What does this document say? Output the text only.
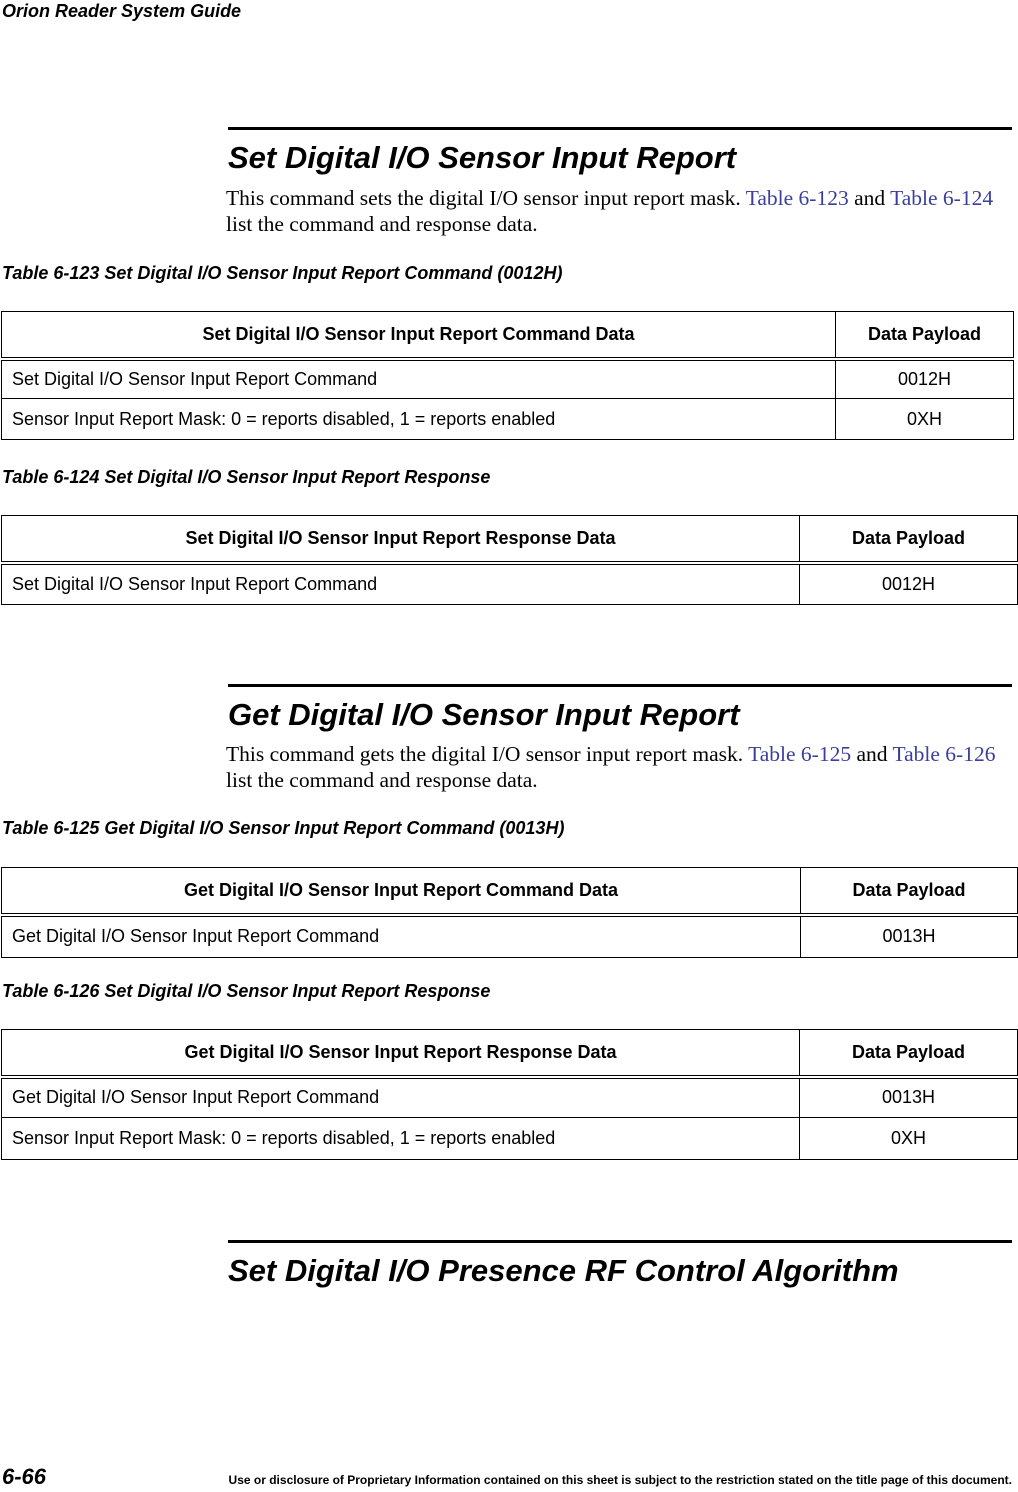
Orion Reader System Guide
Set Digital I/O Sensor Input Report
This command sets the digital I/O sensor input report mask. Table 6-123 and Table 6-124 list the command and response data.
Table 6-123 Set Digital I/O Sensor Input Report Command (0012H)
Set Digital I/O Sensor Input Report Command Data	Data Payload
Set Digital I/O Sensor Input Report Command	0012H
Sensor Input Report Mask: 0 = reports disabled, 1 = reports enabled	0XH
Table 6-124 Set Digital I/O Sensor Input Report Response
Set Digital I/O Sensor Input Report Response Data	Data Payload
Set Digital I/O Sensor Input Report Command	0012H
Get Digital I/O Sensor Input Report
This command gets the digital I/O sensor input report mask. Table 6-125 and Table 6-126 list the command and response data.
Table 6-125 Get Digital I/O Sensor Input Report Command (0013H)
Get Digital I/O Sensor Input Report Command Data	Data Payload
Get Digital I/O Sensor Input Report Command	0013H
Table 6-126 Set Digital I/O Sensor Input Report Response
Get Digital I/O Sensor Input Report Response Data	Data Payload
Get Digital I/O Sensor Input Report Command	0013H
Sensor Input Report Mask: 0 = reports disabled, 1 = reports enabled	0XH
Set Digital I/O Presence RF Control Algorithm
6-66	Use or disclosure of Proprietary Information contained on this sheet is subject to the restriction stated on the title page of this document.
